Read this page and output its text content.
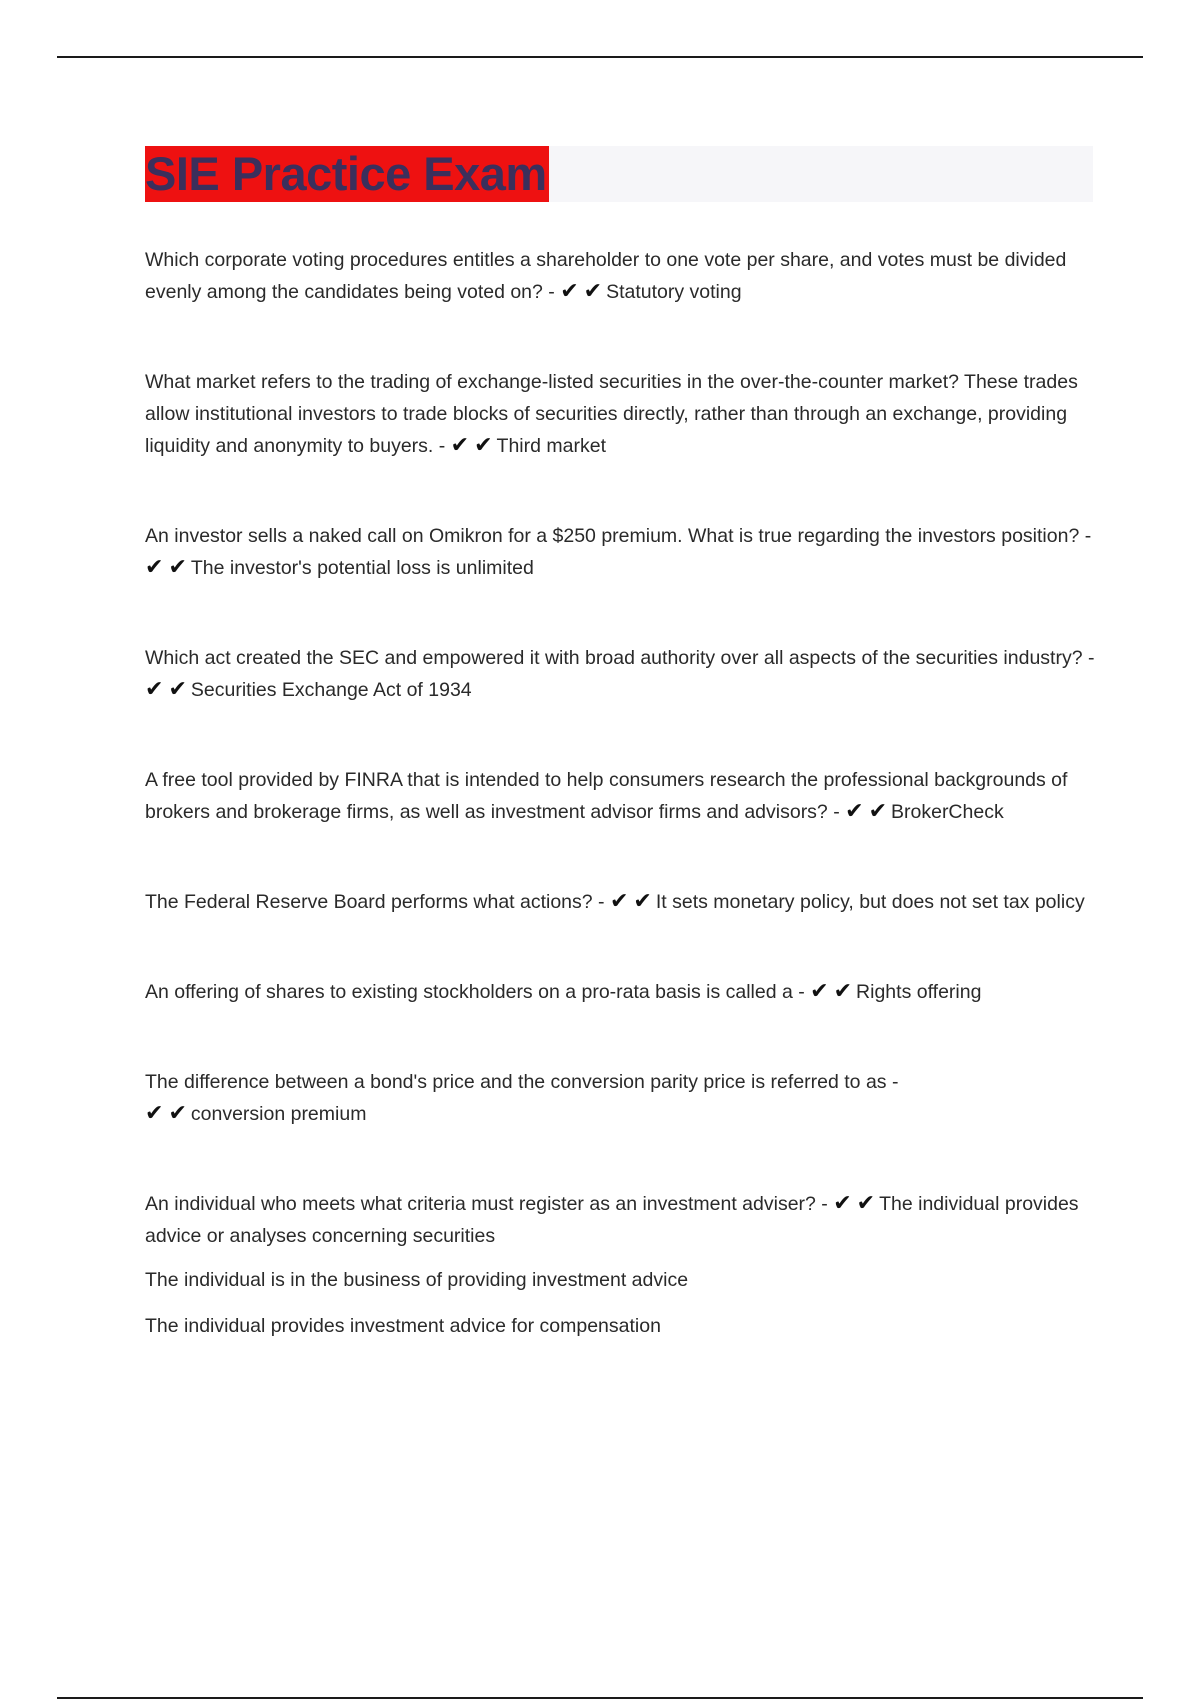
SIE Practice Exam

Which corporate voting procedures entitles a shareholder to one vote per share, and votes must be divided evenly among the candidates being voted on? - ✔ ✔ Statutory voting

What market refers to the trading of exchange-listed securities in the over-the-counter market? These trades allow institutional investors to trade blocks of securities directly, rather than through an exchange, providing liquidity and anonymity to buyers. - ✔ ✔ Third market

An investor sells a naked call on Omikron for a $250 premium. What is true regarding the investors position? - ✔ ✔ The investor's potential loss is unlimited

Which act created the SEC and empowered it with broad authority over all aspects of the securities industry? - ✔ ✔ Securities Exchange Act of 1934

A free tool provided by FINRA that is intended to help consumers research the professional backgrounds of brokers and brokerage firms, as well as investment advisor firms and advisors? - ✔ ✔ BrokerCheck

The Federal Reserve Board performs what actions? - ✔ ✔ It sets monetary policy, but does not set tax policy

An offering of shares to existing stockholders on a pro-rata basis is called a - ✔ ✔ Rights offering

The difference between a bond's price and the conversion parity price is referred to as -
✔ ✔ conversion premium

An individual who meets what criteria must register as an investment adviser? - ✔ ✔ The individual provides advice or analyses concerning securities

The individual is in the business of providing investment advice

The individual provides investment advice for compensation
